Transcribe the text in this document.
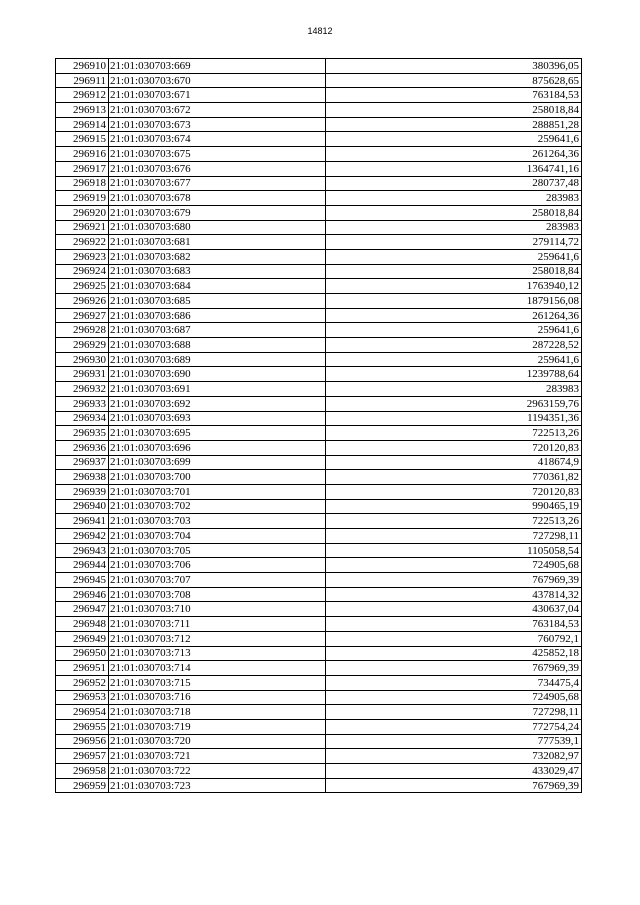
14812
296910	21:01:030703:669	380396,05
296911	21:01:030703:670	875628,65
296912	21:01:030703:671	763184,53
296913	21:01:030703:672	258018,84
296914	21:01:030703:673	288851,28
296915	21:01:030703:674	259641,6
296916	21:01:030703:675	261264,36
296917	21:01:030703:676	1364741,16
296918	21:01:030703:677	280737,48
296919	21:01:030703:678	283983
296920	21:01:030703:679	258018,84
296921	21:01:030703:680	283983
296922	21:01:030703:681	279114,72
296923	21:01:030703:682	259641,6
296924	21:01:030703:683	258018,84
296925	21:01:030703:684	1763940,12
296926	21:01:030703:685	1879156,08
296927	21:01:030703:686	261264,36
296928	21:01:030703:687	259641,6
296929	21:01:030703:688	287228,52
296930	21:01:030703:689	259641,6
296931	21:01:030703:690	1239788,64
296932	21:01:030703:691	283983
296933	21:01:030703:692	2963159,76
296934	21:01:030703:693	1194351,36
296935	21:01:030703:695	722513,26
296936	21:01:030703:696	720120,83
296937	21:01:030703:699	418674,9
296938	21:01:030703:700	770361,82
296939	21:01:030703:701	720120,83
296940	21:01:030703:702	990465,19
296941	21:01:030703:703	722513,26
296942	21:01:030703:704	727298,11
296943	21:01:030703:705	1105058,54
296944	21:01:030703:706	724905,68
296945	21:01:030703:707	767969,39
296946	21:01:030703:708	437814,32
296947	21:01:030703:710	430637,04
296948	21:01:030703:711	763184,53
296949	21:01:030703:712	760792,1
296950	21:01:030703:713	425852,18
296951	21:01:030703:714	767969,39
296952	21:01:030703:715	734475,4
296953	21:01:030703:716	724905,68
296954	21:01:030703:718	727298,11
296955	21:01:030703:719	772754,24
296956	21:01:030703:720	777539,1
296957	21:01:030703:721	732082,97
296958	21:01:030703:722	433029,47
296959	21:01:030703:723	767969,39
